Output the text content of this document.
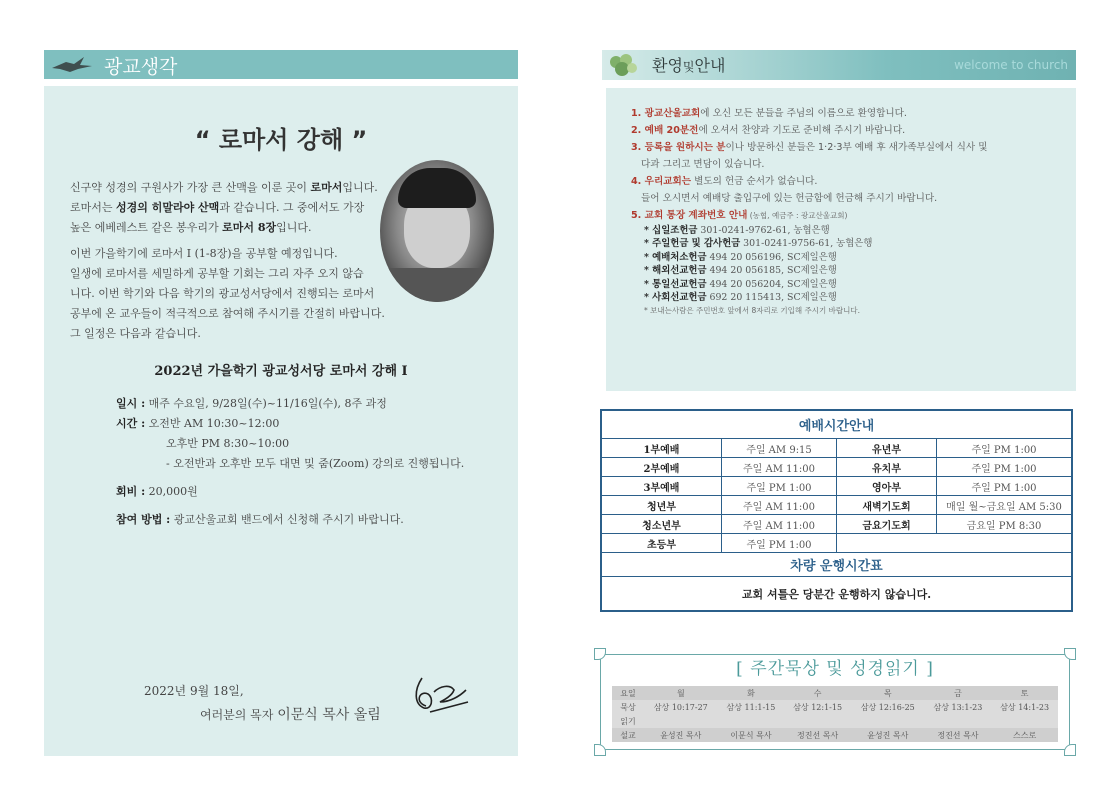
광교생각
“ 로마서 강해 ”
신구약 성경의 구원사가 가장 큰 산맥을 이룬 곳이 로마서입니다.
로마서는 성경의 히말라야 산맥과 같습니다. 그 중에서도 가장
높은 에베레스트 같은 봉우리가 로마서 8장입니다.
이번 가을학기에 로마서 I (1-8장)을 공부할 예정입니다.
일생에 로마서를 세밀하게 공부할 기회는 그리 자주 오지 않습
니다. 이번 학기와 다음 학기의 광교성서당에서 진행되는 로마서
공부에 온 교우들이 적극적으로 참여해 주시기를 간절히 바랍니다.
그 일정은 다음과 같습니다.
2022년 가을학기 광교성서당 로마서 강해 I
일시 : 매주 수요일, 9/28일(수)~11/16일(수), 8주 과정
시간 : 오전반 AM 10:30~12:00
오후반 PM 8:30~10:00
- 오전반과 오후반 모두 대면 및 줌(Zoom) 강의로 진행됩니다.
회비 : 20,000원
참여 방법 : 광교산울교회 밴드에서 신청해 주시기 바랍니다.
2022년 9월 18일,
여러분의 목자 이문식 목사 올림
환영및안내	welcome to church
1. 광교산울교회에 오신 모든 분들을 주님의 이름으로 환영합니다.
2. 예배 20분전에 오셔서 찬양과 기도로 준비해 주시기 바랍니다.
3. 등록을 원하시는 분이나 방문하신 분들은 1·2·3부 예배 후 새가족부실에서 식사 및
다과 그리고 면담이 있습니다.
4. 우리교회는 별도의 헌금 순서가 없습니다.
들어 오시면서 예배당 출입구에 있는 헌금함에 헌금해 주시기 바랍니다.
5. 교회 통장 계좌번호 안내 (농협, 예금주 : 광교산울교회)
* 십일조헌금 301-0241-9762-61, 농협은행
* 주일헌금 및 감사헌금 301-0241-9756-61, 농협은행
* 예배처소헌금 494 20 056196, SC제일은행
* 해외선교헌금 494 20 056185, SC제일은행
* 통일선교헌금 494 20 056204, SC제일은행
* 사회선교헌금 692 20 115413, SC제일은행
* 보내는사람은 주민번호 앞에서 8자리로 기입해 주시기 바랍니다.
예배시간안내			
1부예배	주일 AM 9:15	유년부	주일 PM 1:00
2부예배	주일 AM 11:00	유치부	주일 PM 1:00
3부예배	주일 PM 1:00	영아부	주일 PM 1:00
청년부	주일 AM 11:00	새벽기도회	매일 월~금요일 AM 5:30
청소년부	주일 AM 11:00	금요기도회	금요일 PM 8:30
초등부	주일 PM 1:00		
차량 운행시간표			
교회 셔틀은 당분간 운행하지 않습니다.			
[ 주간묵상 및 성경읽기 ]
요일	월	화	수	목	금	토
묵상	삼상 10:17-27	삼상 11:1-15	삼상 12:1-15	삼상 12:16-25	삼상 13:1-23	삼상 14:1-23
읽기						
설교	윤성진 목사	이문식 목사	정진선 목사	윤성진 목사	정진선 목사	스스로
